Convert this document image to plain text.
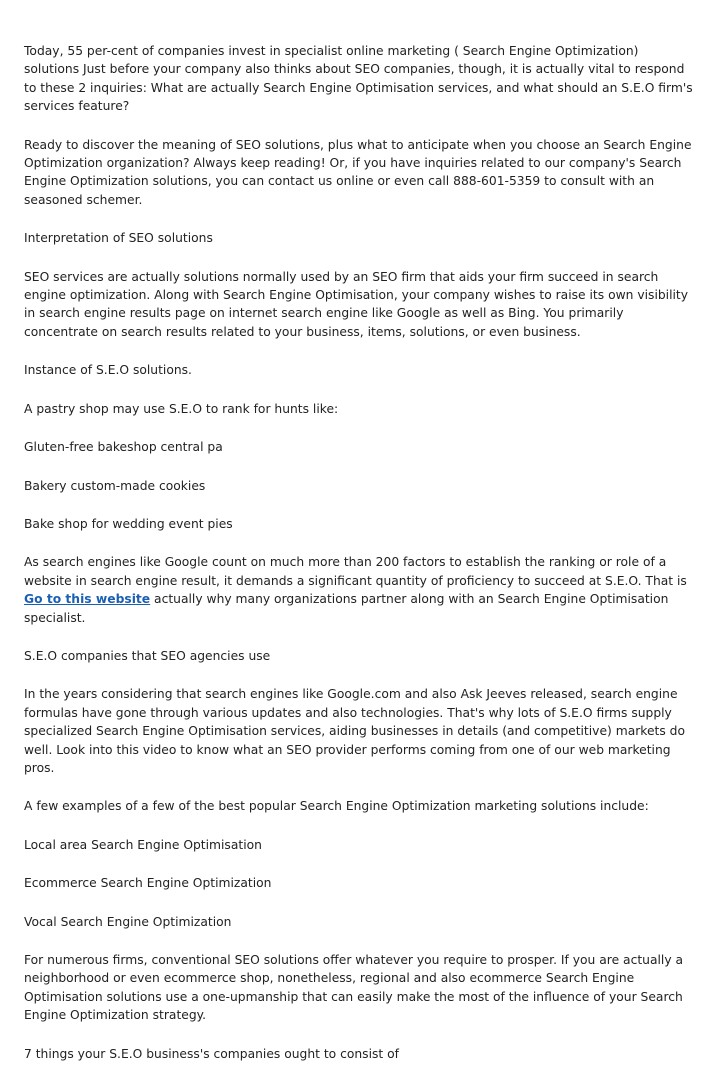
Today, 55 per-cent of companies invest in specialist online marketing ( Search Engine Optimization) solutions Just before your company also thinks about SEO companies, though, it is actually vital to respond to these 2 inquiries: What are actually Search Engine Optimisation services, and what should an S.E.O firm's services feature?

Ready to discover the meaning of SEO solutions, plus what to anticipate when you choose an Search Engine Optimization organization? Always keep reading! Or, if you have inquiries related to our company's Search Engine Optimization solutions, you can contact us online or even call 888-601-5359 to consult with an seasoned schemer.

Interpretation of SEO solutions

SEO services are actually solutions normally used by an SEO firm that aids your firm succeed in search engine optimization. Along with Search Engine Optimisation, your company wishes to raise its own visibility in search engine results page on internet search engine like Google as well as Bing. You primarily concentrate on search results related to your business, items, solutions, or even business.

Instance of S.E.O solutions.

A pastry shop may use S.E.O to rank for hunts like:

Gluten-free bakeshop central pa

Bakery custom-made cookies

Bake shop for wedding event pies

As search engines like Google count on much more than 200 factors to establish the ranking or role of a website in search engine result, it demands a significant quantity of proficiency to succeed at S.E.O. That is Go to this website actually why many organizations partner along with an Search Engine Optimisation specialist.

S.E.O companies that SEO agencies use

In the years considering that search engines like Google.com and also Ask Jeeves released, search engine formulas have gone through various updates and also technologies. That's why lots of S.E.O firms supply specialized Search Engine Optimisation services, aiding businesses in details (and competitive) markets do well. Look into this video to know what an SEO provider performs coming from one of our web marketing pros.

A few examples of a few of the best popular Search Engine Optimization marketing solutions include:

Local area Search Engine Optimisation

Ecommerce Search Engine Optimization

Vocal Search Engine Optimization

For numerous firms, conventional SEO solutions offer whatever you require to prosper. If you are actually a neighborhood or even ecommerce shop, nonetheless, regional and also ecommerce Search Engine Optimisation solutions use a one-upmanship that can easily make the most of the influence of your Search Engine Optimization strategy.

7 things your S.E.O business's companies ought to consist of
